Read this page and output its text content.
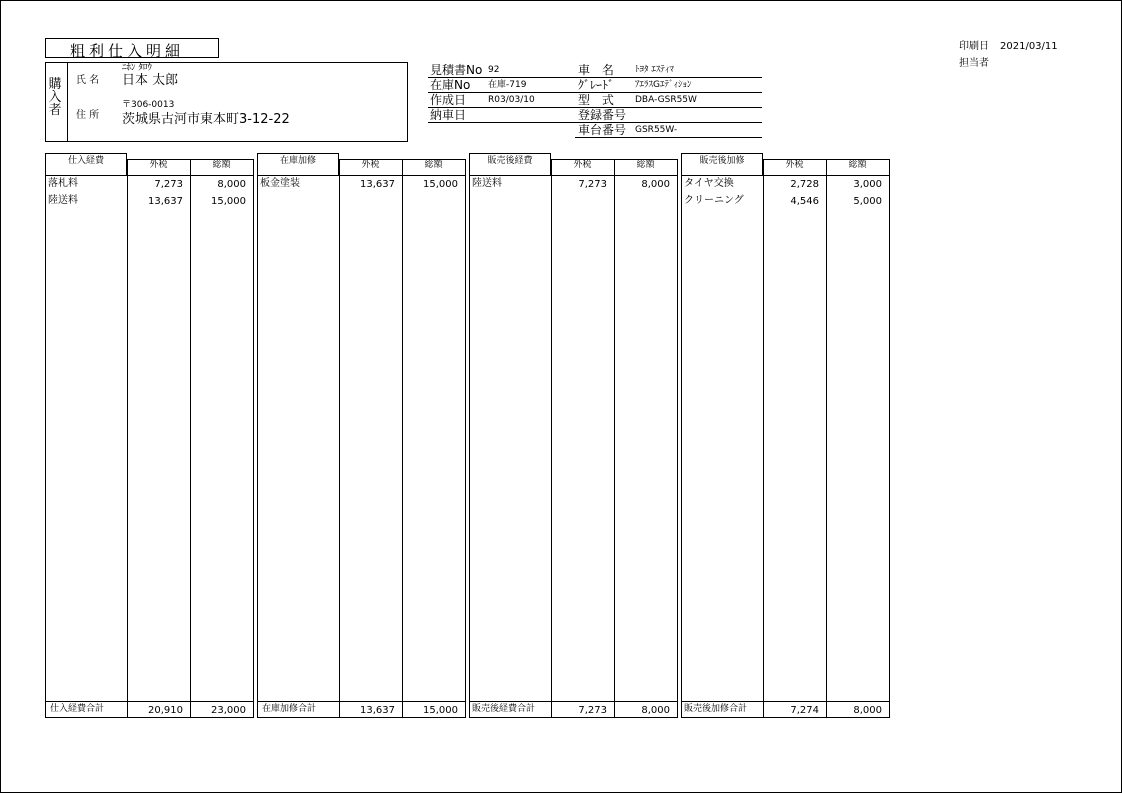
粗利仕入明細	印刷日 2021/03/11
担当者
購入者
氏 名
ﾆﾎﾝ ﾀﾛｳ
日本 太郎
住 所
〒306-0013
茨城県古河市東本町3-12-22
見積書No 92
在庫No 在庫-719
作成日 R03/03/10
納車日
車 名 ﾄﾖﾀ ｴｽﾃｨﾏ
ｸﾞﾚｰﾄﾞ ｱｴﾗｽGｴﾃﾞｨｼｮﾝ
型 式 DBA-GSR55W
登録番号
車台番号 GSR55W-
仕入経費	外税	総額
落札料	7,273	8,000
陸送料	13,637	15,000
仕入経費合計	20,910	23,000
在庫加修	外税	総額
板金塗装	13,637	15,000
在庫加修合計	13,637	15,000
販売後経費	外税	総額
陸送料	7,273	8,000
販売後経費合計	7,273	8,000
販売後加修	外税	総額
タイヤ交換	2,728	3,000
クリーニング	4,546	5,000
販売後加修合計	7,274	8,000
